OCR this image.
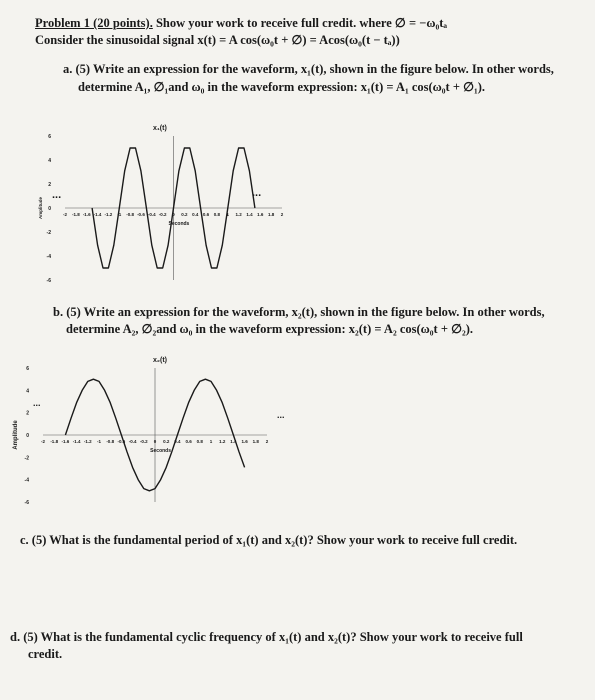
Problem 1 (20 points). Show your work to receive full credit. where ∅ = −ω₀tₐ
Consider the sinusoidal signal x(t) = A cos(ω₀t + ∅) = Acos(ω₀(t − tₐ))
a. (5) Write an expression for the waveform, x₁(t), shown in the figure below. In other words,
determine A₁, ∅₁and ω₀ in the waveform expression: x₁(t) = A₁ cos(ω₀t + ∅₁).
x₁(t)
6
4
2
0
-2
-4
-6
-2 -1.8 -1.6 -1.4 -1.2 -1 -0.8 -0.6 -0.4 -0.2 0 0.2 0.4 0.6 0.8 1 1.2 1.4 1.6 1.8 2
Seconds
Amplitude
...	...
b. (5) Write an expression for the waveform, x₂(t), shown in the figure below. In other words,
determine A₂, ∅₂and ω₀ in the waveform expression: x₂(t) = A₂ cos(ω₀t + ∅₂).
x₂(t)
6
4
2
0
-2
-4
-6
-2 -1.8 -1.6 -1.4 -1.2 -1 -0.8 -0.6 -0.4 -0.2 0 0.2 0.4 0.6 0.8 1 1.2 1.4 1.6 1.8 2
Seconds
Amplitude
...
...
c. (5) What is the fundamental period of x₁(t) and x₂(t)? Show your work to receive full credit.
d. (5) What is the fundamental cyclic frequency of x₁(t) and x₂(t)? Show your work to receive full
credit.
